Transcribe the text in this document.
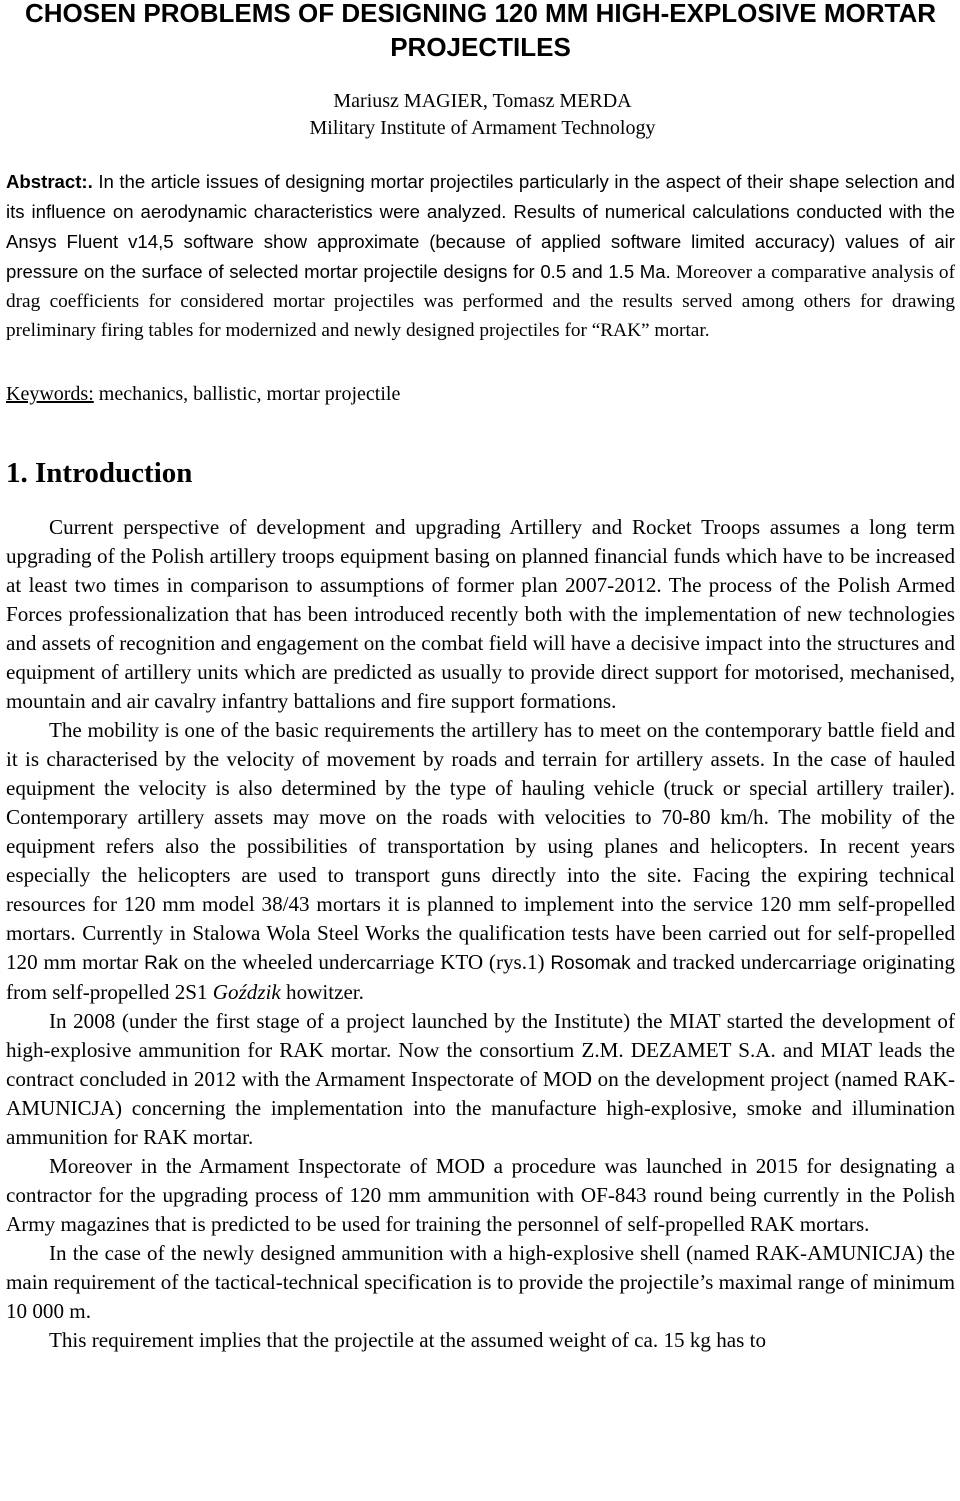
CHOSEN PROBLEMS OF DESIGNING 120 MM HIGH-EXPLOSIVE MORTAR PROJECTILES
Mariusz MAGIER, Tomasz MERDA
Military Institute of Armament Technology

Abstract:. In the article issues of designing mortar projectiles particularly in the aspect of their shape selection and its influence on aerodynamic characteristics were analyzed. Results of numerical calculations conducted with the Ansys Fluent v14,5 software show approximate (because of applied software limited accuracy) values of air pressure on the surface of selected mortar projectile designs for 0.5 and 1.5 Ma. Moreover a comparative analysis of drag coefficients for considered mortar projectiles was performed and the results served among others for drawing preliminary firing tables for modernized and newly designed projectiles for “RAK” mortar.

Keywords: mechanics, ballistic, mortar projectile
1. Introduction

Current perspective of development and upgrading Artillery and Rocket Troops assumes a long term upgrading of the Polish artillery troops equipment basing on planned financial funds which have to be increased at least two times in comparison to assumptions of former plan 2007-2012. The process of the Polish Armed Forces professionalization that has been introduced recently both with the implementation of new technologies and assets of recognition and engagement on the combat field will have a decisive impact into the structures and equipment of artillery units which are predicted as usually to provide direct support for motorised, mechanised, mountain and air cavalry infantry battalions and fire support formations.

The mobility is one of the basic requirements the artillery has to meet on the contemporary battle field and it is characterised by the velocity of movement by roads and terrain for artillery assets. In the case of hauled equipment the velocity is also determined by the type of hauling vehicle (truck or special artillery trailer). Contemporary artillery assets may move on the roads with velocities to 70-80 km/h. The mobility of the equipment refers also the possibilities of transportation by using planes and helicopters. In recent years especially the helicopters are used to transport guns directly into the site. Facing the expiring technical resources for 120 mm model 38/43 mortars it is planned to implement into the service 120 mm self-propelled mortars. Currently in Stalowa Wola Steel Works the qualification tests have been carried out for self-propelled 120 mm mortar Rak on the wheeled undercarriage KTO (rys.1) Rosomak and tracked undercarriage originating from self-propelled 2S1 Goździk howitzer.

In 2008 (under the first stage of a project launched by the Institute) the MIAT started the development of high-explosive ammunition for RAK mortar. Now the consortium Z.M. DEZAMET S.A. and MIAT leads the contract concluded in 2012 with the Armament Inspectorate of MOD on the development project (named RAK-AMUNICJA) concerning the implementation into the manufacture high-explosive, smoke and illumination ammunition for RAK mortar.

Moreover in the Armament Inspectorate of MOD a procedure was launched in 2015 for designating a contractor for the upgrading process of 120 mm ammunition with OF-843 round being currently in the Polish Army magazines that is predicted to be used for training the personnel of self-propelled RAK mortars.

In the case of the newly designed ammunition with a high-explosive shell (named RAK-AMUNICJA) the main requirement of the tactical-technical specification is to provide the projectile’s maximal range of minimum 10 000 m.

This requirement implies that the projectile at the assumed weight of ca. 15 kg has to
